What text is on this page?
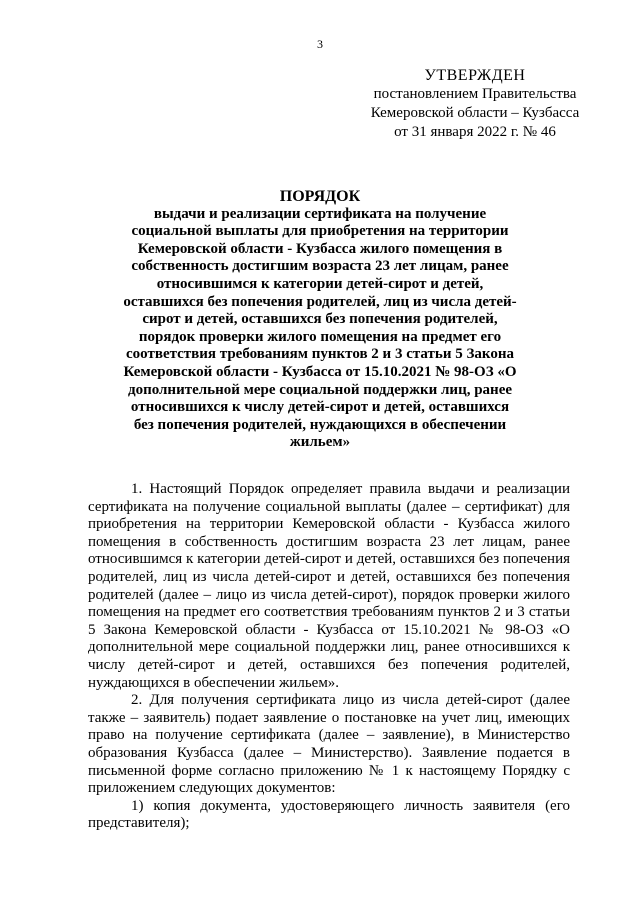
3
УТВЕРЖДЕН
постановлением Правительства
Кемеровской области – Кузбасса
от 31 января 2022 г. № 46
ПОРЯДОК
выдачи и реализации сертификата на получение социальной выплаты для приобретения на территории Кемеровской области - Кузбасса жилого помещения в собственность достигшим возраста 23 лет лицам, ранее относившимся к категории детей-сирот и детей, оставшихся без попечения родителей, лиц из числа детей-сирот и детей, оставшихся без попечения родителей, порядок проверки жилого помещения на предмет его соответствия требованиям пунктов 2 и 3 статьи 5 Закона Кемеровской области - Кузбасса от 15.10.2021 № 98-ОЗ «О дополнительной мере социальной поддержки лиц, ранее относившихся к числу детей-сирот и детей, оставшихся без попечения родителей, нуждающихся в обеспечении жильем»

1. Настоящий Порядок определяет правила выдачи и реализации сертификата на получение социальной выплаты (далее – сертификат) для приобретения на территории Кемеровской области - Кузбасса жилого помещения в собственность достигшим возраста 23 лет лицам, ранее относившимся к категории детей-сирот и детей, оставшихся без попечения родителей, лиц из числа детей-сирот и детей, оставшихся без попечения родителей (далее – лицо из числа детей-сирот), порядок проверки жилого помещения на предмет его соответствия требованиям пунктов 2 и 3 статьи 5 Закона Кемеровской области - Кузбасса от 15.10.2021 № 98-ОЗ «О дополнительной мере социальной поддержки лиц, ранее относившихся к числу детей-сирот и детей, оставшихся без попечения родителей, нуждающихся в обеспечении жильем».

2. Для получения сертификата лицо из числа детей-сирот (далее также – заявитель) подает заявление о постановке на учет лиц, имеющих право на получение сертификата (далее – заявление), в Министерство образования Кузбасса (далее – Министерство). Заявление подается в письменной форме согласно приложению № 1 к настоящему Порядку с приложением следующих документов:

1) копия документа, удостоверяющего личность заявителя (его представителя);
